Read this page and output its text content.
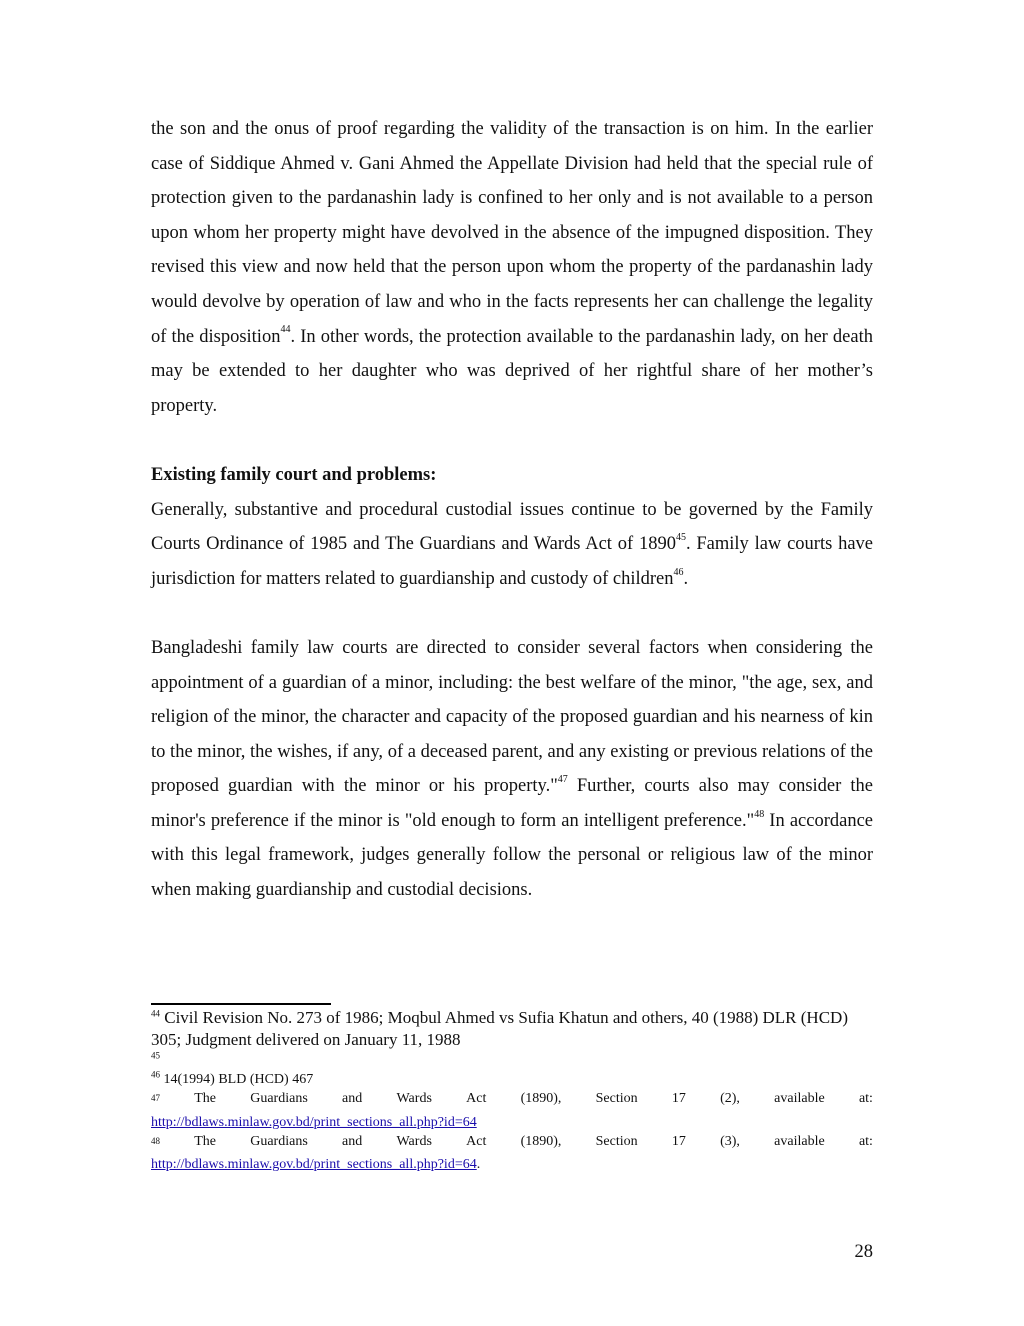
the son and the onus of proof regarding the validity of the transaction is on him. In the earlier case of Siddique Ahmed v. Gani Ahmed the Appellate Division had held that the special rule of protection given to the pardanashin lady is confined to her only and is not available to a person upon whom her property might have devolved in the absence of the impugned disposition. They revised this view and now held that the person upon whom the property of the pardanashin lady would devolve by operation of law and who in the facts represents her can challenge the legality of the disposition$^{44}$. In other words, the protection available to the pardanashin lady, on her death may be extended to her daughter who was deprived of her rightful share of her mother’s property.

Existing family court and problems:

Generally, substantive and procedural custodial issues continue to be governed by the Family Courts Ordinance of 1985 and The Guardians and Wards Act of 1890$^{45}$. Family law courts have jurisdiction for matters related to guardianship and custody of children$^{46}$.

Bangladeshi family law courts are directed to consider several factors when considering the appointment of a guardian of a minor, including: the best welfare of the minor, "the age, sex, and religion of the minor, the character and capacity of the proposed guardian and his nearness of kin to the minor, the wishes, if any, of a deceased parent, and any existing or previous relations of the proposed guardian with the minor or his property."$^{47}$ Further, courts also may consider the minor's preference if the minor is "old enough to form an intelligent preference."$^{48}$ In accordance with this legal framework, judges generally follow the personal or religious law of the minor when making guardianship and custodial decisions.

$^{44}$ Civil Revision No. 273 of 1986; Moqbul Ahmed vs Sufia Khatun and others, 40 (1988) DLR (HCD) 305; Judgment delivered on January 11, 1988

$^{45}$

$^{46}$ 14(1994) BLD (HCD) 467

$^{47}$ The Guardians and Wards Act (1890), Section 17 (2), available at:

http://bdlaws.minlaw.gov.bd/print_sections_all.php?id=64

$^{48}$ The Guardians and Wards Act (1890), Section 17 (3), available at:

http://bdlaws.minlaw.gov.bd/print_sections_all.php?id=64.

28
